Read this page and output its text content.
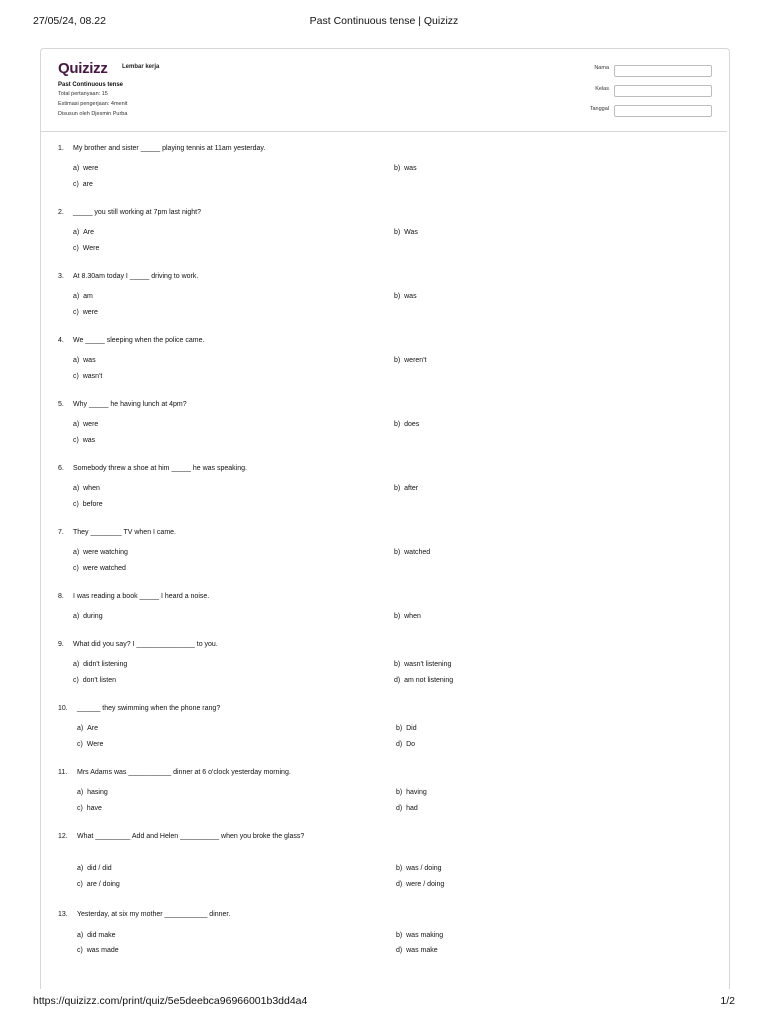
27/05/24, 08.22	Past Continuous tense | Quizizz
Quizizz Lembar kerja
Past Continuous tense
Total pertanyaan: 15
Estimasi pengerjaan: 4menit
Disusun oleh Djesmin Purba
Nama
Kelas
Tanggal
1. My brother and sister _____ playing tennis at 11am yesterday.
a) were	b) was
c) are
2. _____ you still working at 7pm last night?
a) Are	b) Was
c) Were
3. At 8.30am today I _____ driving to work.
a) am	b) was
c) were
4. We _____ sleeping when the police came.
a) was	b) weren't
c) wasn't
5. Why _____ he having lunch at 4pm?
a) were	b) does
c) was
6. Somebody threw a shoe at him _____ he was speaking.
a) when	b) after
c) before
7. They ________ TV when I came.
a) were watching	b) watched
c) were watched
8. I was reading a book _____ I heard a noise.
a) during	b) when
9. What did you say? I _______________ to you.
a) didn't listening	b) wasn't listening
c) don't listen	d) am not listening
10. ______ they swimming when the phone rang?
a) Are	b) Did
c) Were	d) Do
11. Mrs Adams was ___________ dinner at 6 o'clock yesterday morning.
a) hasing	b) having
c) have	d) had
12. What _________ Add and Helen __________ when you broke the glass?
a) did / did	b) was / doing
c) are / doing	d) were / doing
13. Yesterday, at six my mother ___________ dinner.
a) did make	b) was making
c) was made	d) was make
https://quizizz.com/print/quiz/5e5deebca96966001b3dd4a4	1/2
